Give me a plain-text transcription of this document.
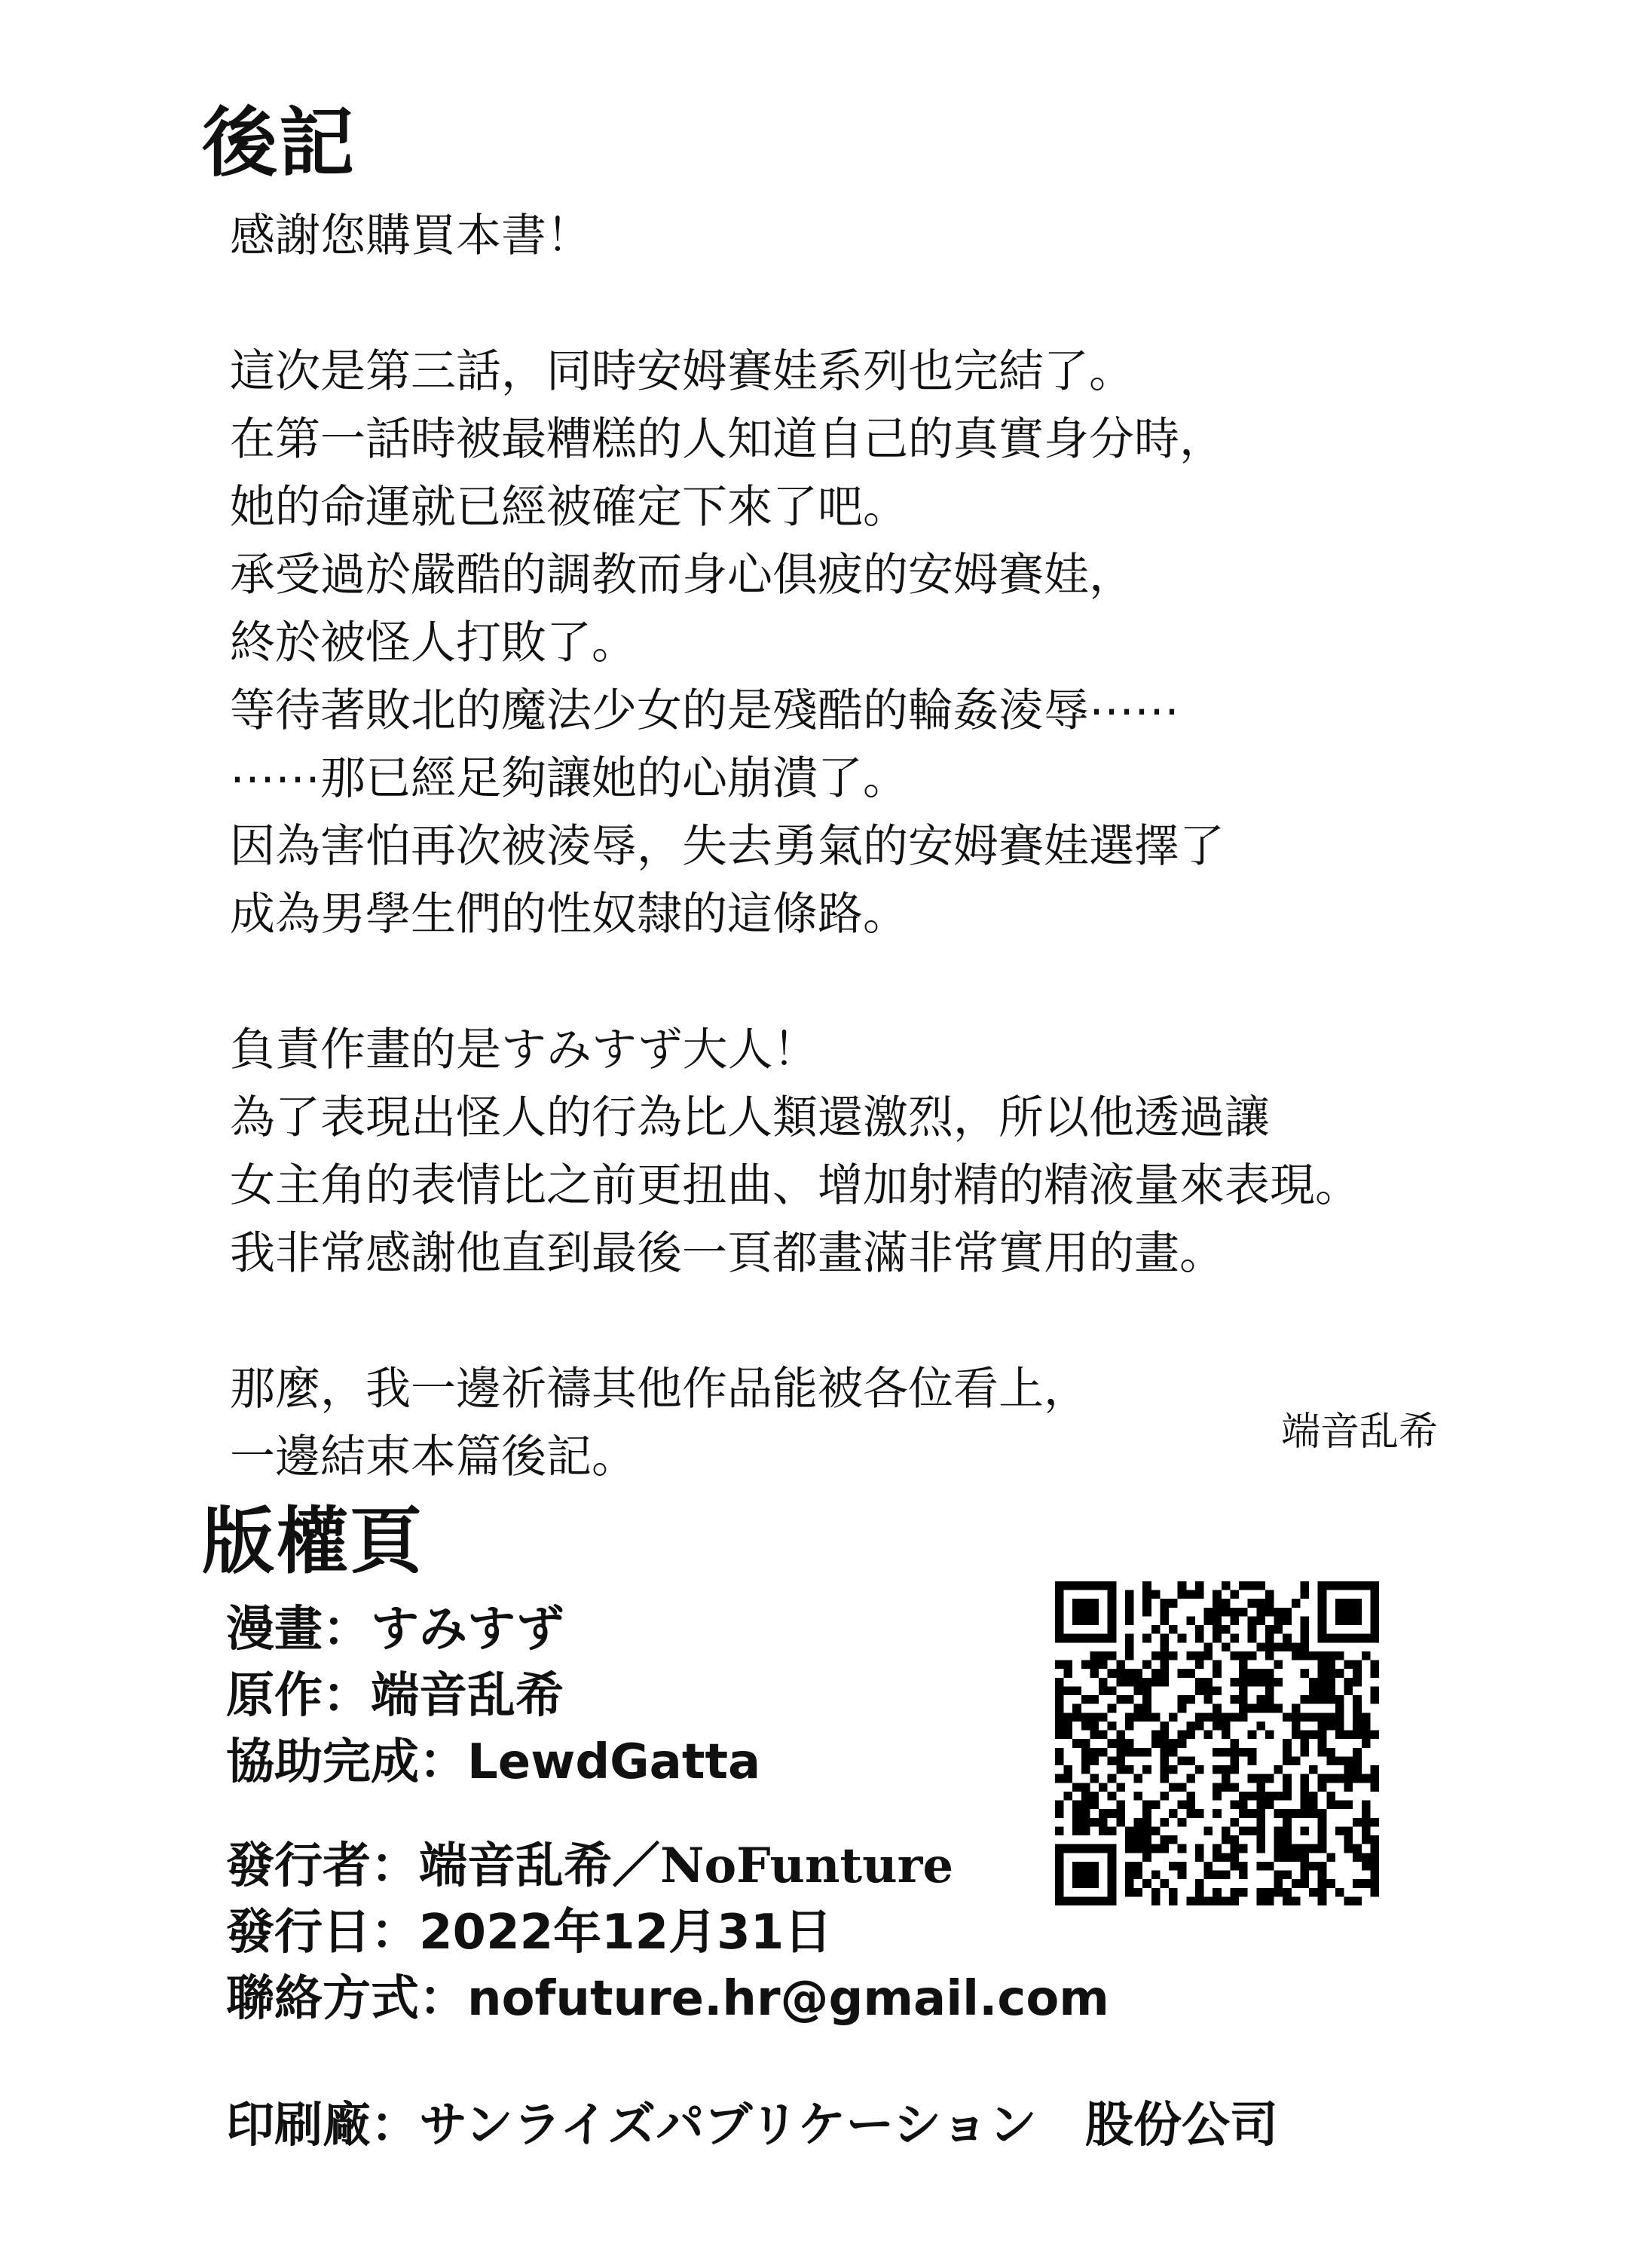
後記

感謝您購買本書！

這次是第三話，同時安姆賽娃系列也完結了。
在第一話時被最糟糕的人知道自己的真實身分時，
她的命運就已經被確定下來了吧。
承受過於嚴酷的調教而身心俱疲的安姆賽娃，
終於被怪人打敗了。
等待著敗北的魔法少女的是殘酷的輪姦淩辱⋯⋯
⋯⋯那已經足夠讓她的心崩潰了。
因為害怕再次被淩辱，失去勇氣的安姆賽娃選擇了
成為男學生們的性奴隸的這條路。

負責作畫的是すみすず大人！
為了表現出怪人的行為比人類還激烈，所以他透過讓
女主角的表情比之前更扭曲、增加射精的精液量來表現。
我非常感謝他直到最後一頁都畫滿非常實用的畫。

那麼，我一邊祈禱其他作品能被各位看上，
一邊結束本篇後記。	端音乱希
版權頁
漫畫 ： すみすず
原作 ： 端音乱希
協助完成 ： LewdGatta
發行者 ： 端音乱希／NoFunture
發行日 ： 2022年12月31日
聯絡方式 ： nofuture.hr@gmail.com
印刷廠 ： サンライズパブリケーション　股份公司
